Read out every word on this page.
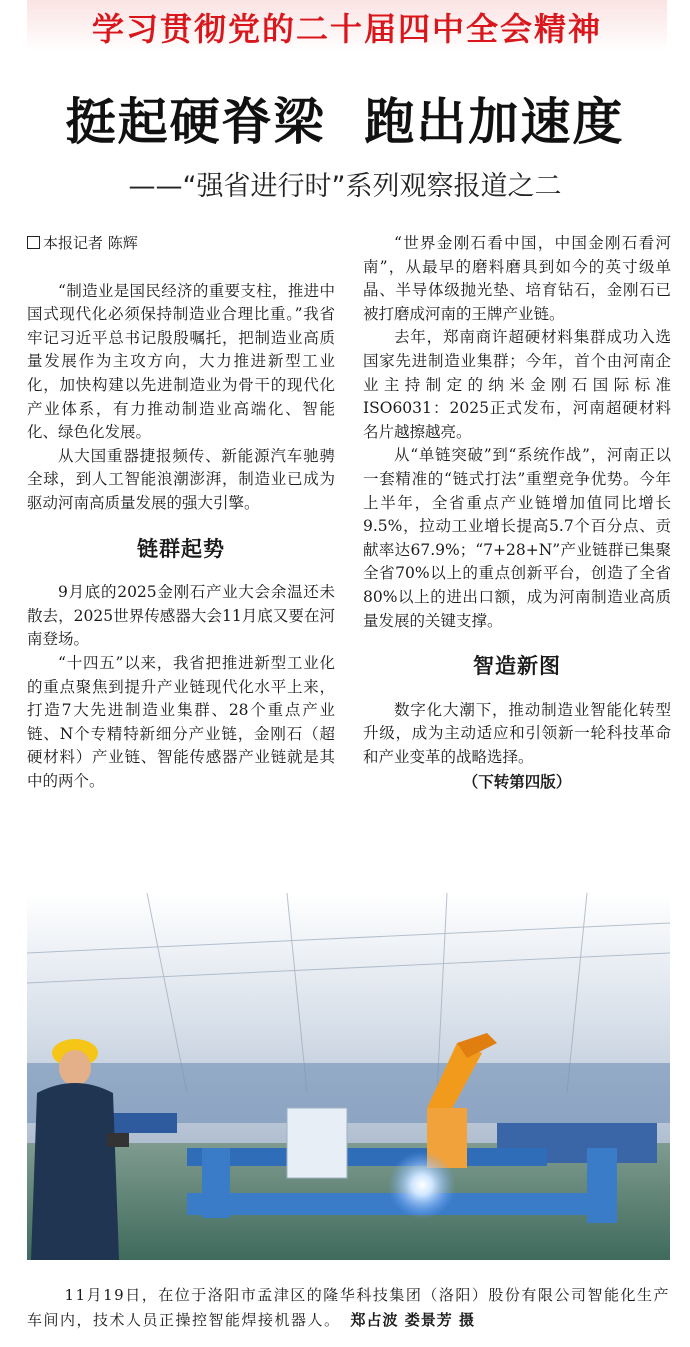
学习贯彻党的二十届四中全会精神
挺起硬脊梁  跑出加速度
——“强省进行时”系列观察报道之二
本报记者 陈辉

“制造业是国民经济的重要支柱，推进中国式现代化必须保持制造业合理比重。”我省牢记习近平总书记殷殷嘱托，把制造业高质量发展作为主攻方向，大力推进新型工业化，加快构建以先进制造业为骨干的现代化产业体系，有力推动制造业高端化、智能化、绿色化发展。

从大国重器捷报频传、新能源汽车驰骋全球，到人工智能浪潮澎湃，制造业已成为驱动河南高质量发展的强大引擎。

链群起势

9月底的2025金刚石产业大会余温还未散去，2025世界传感器大会11月底又要在河南登场。

“十四五”以来，我省把推进新型工业化的重点聚焦到提升产业链现代化水平上来，打造7大先进制造业集群、28个重点产业链、N个专精特新细分产业链，金刚石（超硬材料）产业链、智能传感器产业链就是其中的两个。

“世界金刚石看中国，中国金刚石看河南”，从最早的磨料磨具到如今的英寸级单晶、半导体级抛光垫、培育钻石，金刚石已被打磨成河南的王牌产业链。

去年，郑南商许超硬材料集群成功入选国家先进制造业集群；今年，首个由河南企业主持制定的纳米金刚石国际标准ISO6031：2025正式发布，河南超硬材料名片越擦越亮。

从“单链突破”到“系统作战”，河南正以一套精准的“链式打法”重塑竞争优势。今年上半年，全省重点产业链增加值同比增长9.5%，拉动工业增长提高5.7个百分点、贡献率达67.9%；“7+28+N”产业链群已集聚全省70%以上的重点创新平台，创造了全省80%以上的进出口额，成为河南制造业高质量发展的关键支撑。

智造新图

数字化大潮下，推动制造业智能化转型升级，成为主动适应和引领新一轮科技革命和产业变革的战略选择。

（下转第四版）
11月19日，在位于洛阳市孟津区的隆华科技集团（洛阳）股份有限公司智能化生产车间内，技术人员正操控智能焊接机器人。 郑占波 娄景芳 摄
